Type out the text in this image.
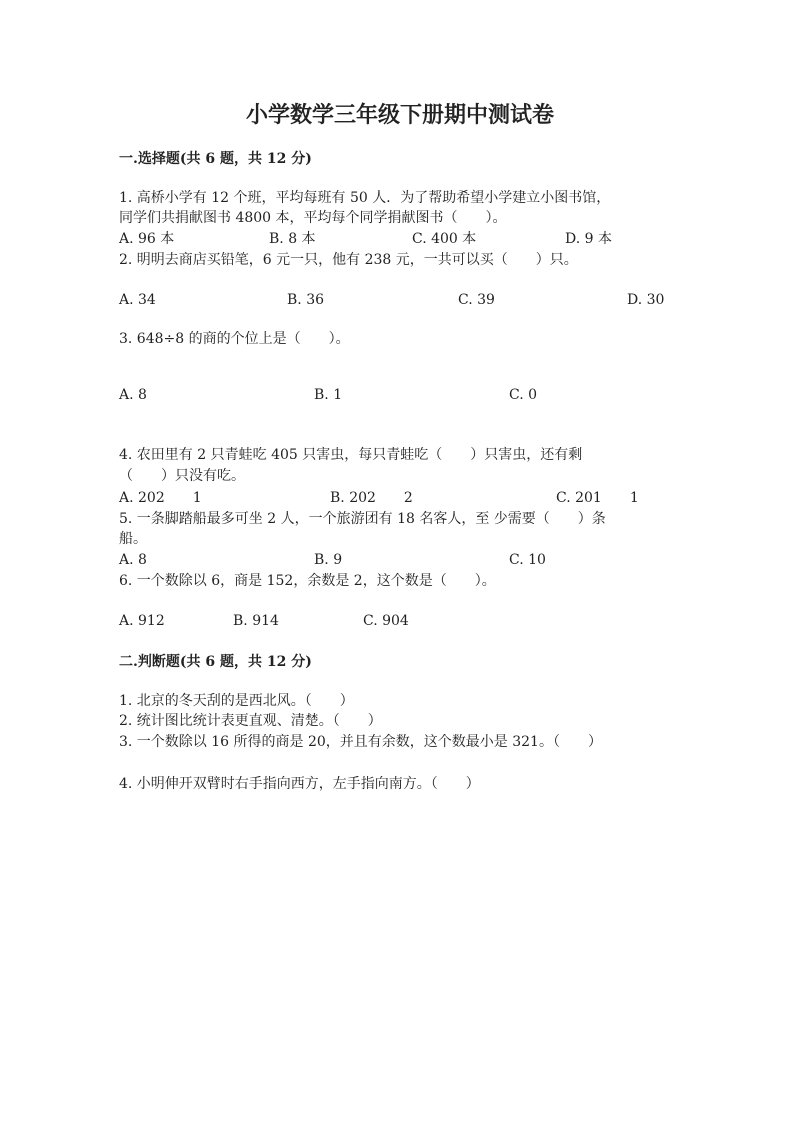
小学数学三年级下册期中测试卷
一.选择题(共 6 题，共 12 分)
1. 高桥小学有 12 个班，平均每班有 50 人．为了帮助希望小学建立小图书馆，
同学们共捐献图书 4800 本，平均每个同学捐献图书（　　）。
A. 96 本	B. 8 本	C. 400 本	D. 9 本
2. 明明去商店买铅笔，6 元一只，他有 238 元，一共可以买（　　）只。
A. 34	B. 36	C. 39	D. 30
3. 648÷8 的商的个位上是（　　）。
A. 8	B. 1	C. 0
4. 农田里有 2 只青蛙吃 405 只害虫，每只青蛙吃（　　）只害虫，还有剩
（　　）只没有吃。
A. 202　　1	B. 202　　2	C. 201　　1
5. 一条脚踏船最多可坐 2 人，一个旅游团有 18 名客人，至 少需要（　　）条
船。
A. 8	B. 9	C. 10
6. 一个数除以 6，商是 152，余数是 2，这个数是（　　）。
A. 912	B. 914	C. 904
二.判断题(共 6 题，共 12 分)
1. 北京的冬天刮的是西北风。（　　）
2. 统计图比统计表更直观、清楚。（　　）
3. 一个数除以 16 所得的商是 20，并且有余数，这个数最小是 321。（　　）
4. 小明伸开双臂时右手指向西方，左手指向南方。（　　）
